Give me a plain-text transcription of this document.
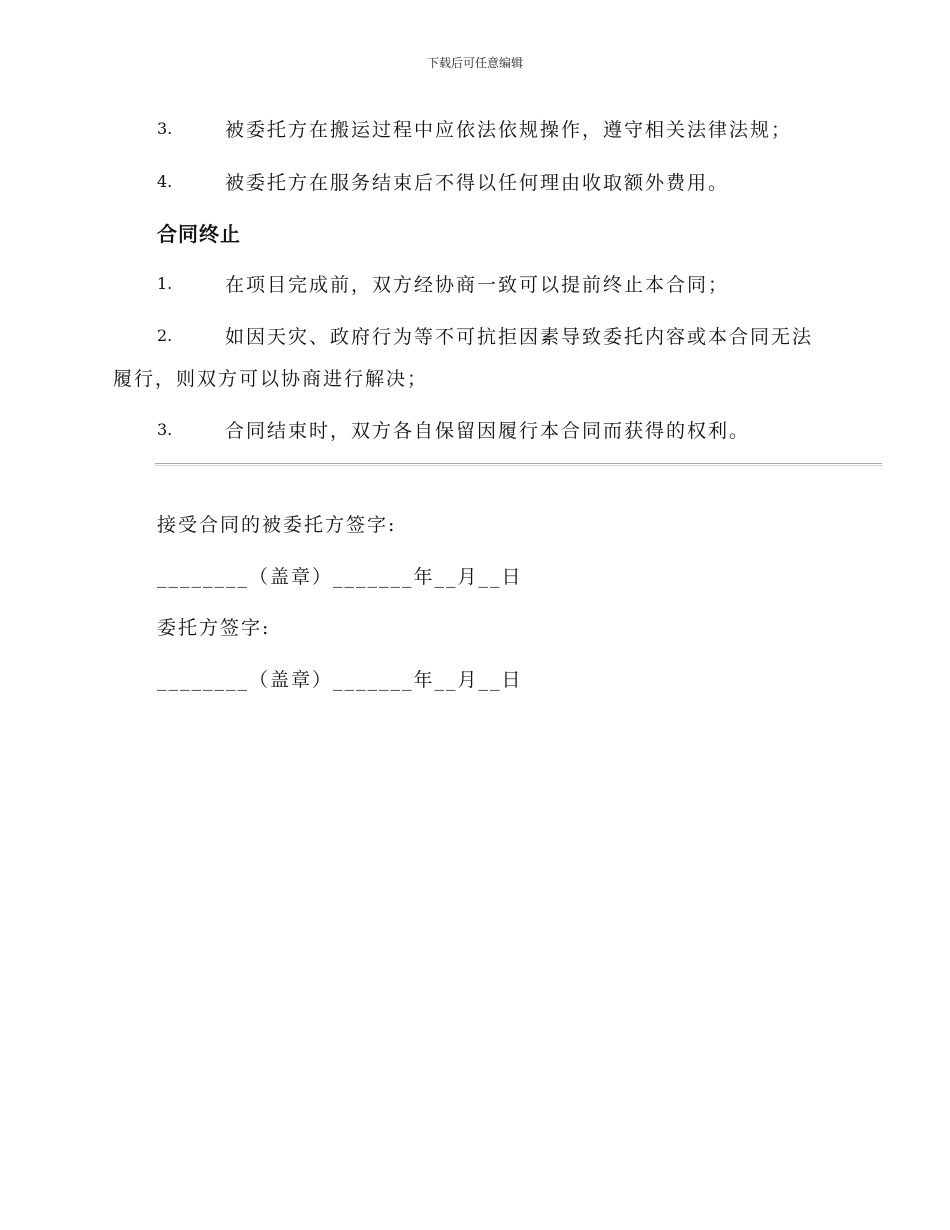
下载后可任意编辑
3.	被委托方在搬运过程中应依法依规操作，遵守相关法律法规；
4.	被委托方在服务结束后不得以任何理由收取额外费用。
合同终止
1.	在项目完成前，双方经协商一致可以提前终止本合同；
2.	如因天灾、政府行为等不可抗拒因素导致委托内容或本合同无法
履行，则双方可以协商进行解决；
3.	合同结束时，双方各自保留因履行本合同而获得的权利。
接受合同的被委托方签字:
________（盖章）_______年__月__日
委托方签字:
________（盖章）_______年__月__日
